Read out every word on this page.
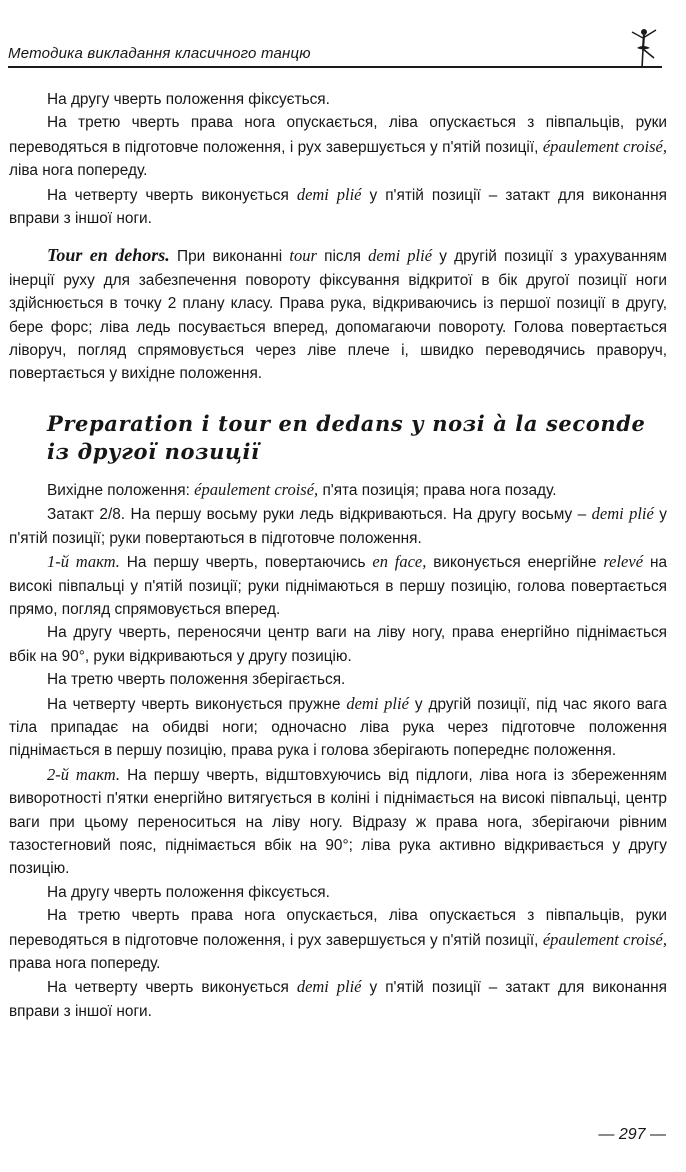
Методика викладання класичного танцю

На другу чверть положення фіксується.

На третю чверть права нога опускається, ліва опускається з півпальців, руки переводяться в підготовче положення, і рух завершується у п'ятій позиції, épaulement croisé, ліва нога попереду.

На четверту чверть виконується demi plié у п'ятій позиції – затакт для виконання вправи з іншої ноги.

Tour en dehors. При виконанні tour після demi plié у другій позиції з урахуванням інерції руху для забезпечення повороту фіксування відкритої в бік другої позиції ноги здійснюється в точку 2 плану класу. Права рука, відкриваючись із першої позиції в другу, бере форс; ліва ледь посувається вперед, допомагаючи повороту. Голова повертається ліворуч, погляд спрямовується через ліве плече і, швидко переводячись праворуч, повертається у вихідне положення.

Preparation і tour en dedans у позі à la seconde із другої позиції

Вихідне положення: épaulement croisé, п'ята позиція; права нога позаду.

Затакт 2/8. На першу восьму руки ледь відкриваються. На другу восьму – demi plié у п'ятій позиції; руки повертаються в підготовче положення.

1-й такт. На першу чверть, повертаючись en face, виконується енергійне relevé на високі півпальці у п'ятій позиції; руки піднімаються в першу позицію, голова повертається прямо, погляд спрямовується вперед.

На другу чверть, переносячи центр ваги на ліву ногу, права енергійно піднімається вбік на 90°, руки відкриваються у другу позицію.

На третю чверть положення зберігається.

На четверту чверть виконується пружне demi plié у другій позиції, під час якого вага тіла припадає на обидві ноги; одночасно ліва рука через підготовче положення піднімається в першу позицію, права рука і голова зберігають попереднє положення.

2-й такт. На першу чверть, відштовхуючись від підлоги, ліва нога із збереженням виворотності п'ятки енергійно витягується в коліні і піднімається на високі півпальці, центр ваги при цьому переноситься на ліву ногу. Відразу ж права нога, зберігаючи рівним тазостегновий пояс, піднімається вбік на 90°; ліва рука активно відкривається у другу позицію.

На другу чверть положення фіксується.

На третю чверть права нога опускається, ліва опускається з півпальців, руки переводяться в підготовче положення, і рух завершується у п'ятій позиції, épaulement croisé, права нога попереду.

На четверту чверть виконується demi plié у п'ятій позиції – затакт для виконання вправи з іншої ноги.

— 297 —
